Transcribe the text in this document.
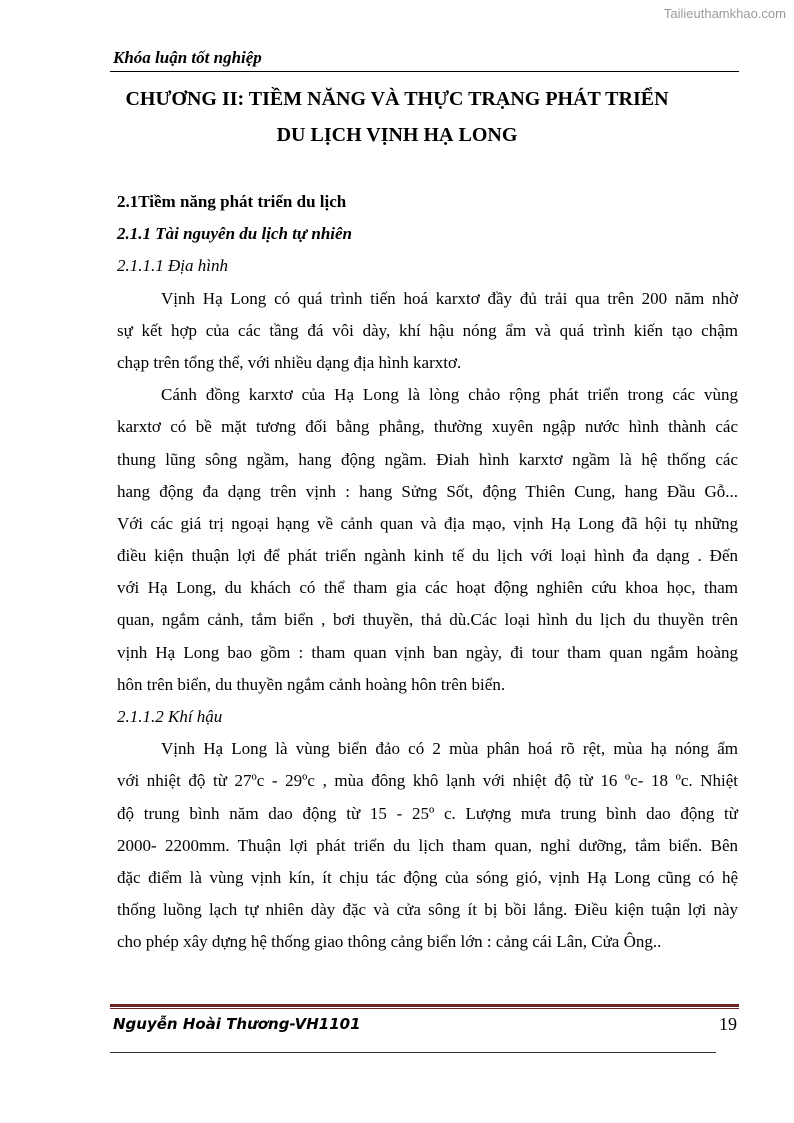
Tailieuthamkhao.com
Khóa luận tốt nghiệp
CHƯƠNG II: TIỀM NĂNG VÀ THỰC TRẠNG PHÁT TRIỂN
DU LỊCH VỊNH HẠ LONG
2.1Tiềm năng phát triển du lịch
2.1.1 Tài nguyên du lịch tự nhiên
2.1.1.1 Địa hình
Vịnh Hạ Long có quá trình tiến hoá karxtơ đầy đủ trải qua trên 200 năm nhờ
sự kết hợp của các tầng đá vôi dày, khí hậu nóng ẩm và quá trình kiến tạo chậm
chạp trên tổng thể, với nhiều dạng địa hình karxtơ.
Cánh đồng karxtơ của Hạ Long là lòng chảo rộng phát triển trong các vùng
karxtơ có bề mặt tương đối bằng phẳng, thường xuyên ngập nước hình thành các
thung lũng sông ngầm, hang động ngầm. Điah hình karxtơ ngầm là hệ thống các
hang động đa dạng trên vịnh : hang Sửng Sốt, động Thiên Cung, hang Đầu Gỗ...
Với các giá trị ngoại hạng về cảnh quan và địa mạo, vịnh Hạ Long đã hội tụ những
điều kiện thuận lợi để phát triển ngành kinh tế du lịch với loại hình đa dạng . Đến
với Hạ Long, du khách có thể tham gia các hoạt động nghiên cứu khoa học, tham
quan, ngắm cảnh, tắm biển , bơi thuyền, thả dù.Các loại hình du lịch du thuyền trên
vịnh Hạ Long bao gồm : tham quan vịnh ban ngày, đi tour tham quan ngắm hoàng
hôn trên biển, du thuyền ngắm cảnh hoàng hôn trên biển.
2.1.1.2 Khí hậu
Vịnh Hạ Long là vùng biển đảo có 2 mùa phân hoá rõ rệt, mùa hạ nóng ẩm
với nhiệt độ từ 27ºc - 29ºc , mùa đông khô lạnh với nhiệt độ từ 16 ºc- 18 ºc. Nhiệt
độ trung bình năm dao động từ 15 - 25º c. Lượng mưa trung bình dao động từ
2000- 2200mm. Thuận lợi phát triển du lịch tham quan, nghỉ dưỡng, tắm biển. Bên
đặc điểm là vùng vịnh kín, ít chịu tác động của sóng gió, vịnh Hạ Long cũng có hệ
thống luồng lạch tự nhiên dày đặc và cửa sông ít bị bồi lắng. Điều kiện tuận lợi này
cho phép xây dựng hệ thống giao thông cảng biển lớn : cảng cái Lân, Cửa Ông..
Nguyễn Hoài Thương-VH1101	19
